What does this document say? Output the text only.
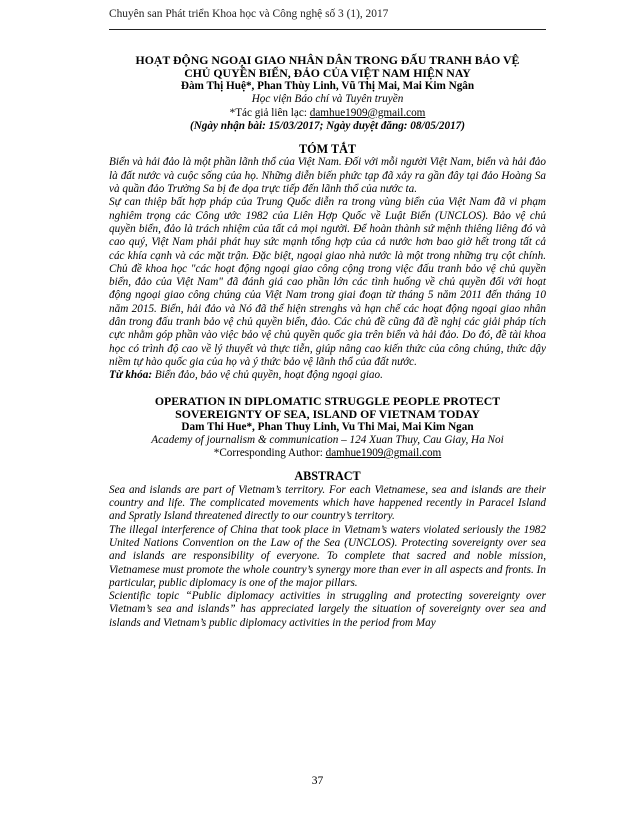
Chuyên san Phát triển Khoa học và Công nghệ số 3 (1), 2017
HOẠT ĐỘNG NGOẠI GIAO NHÂN DÂN TRONG ĐẤU TRANH BẢO VỆ
CHỦ QUYỀN BIỂN, ĐẢO CỦA VIỆT NAM HIỆN NAY
Đàm Thị Huệ*, Phan Thùy Linh, Vũ Thị Mai, Mai Kim Ngân
Học viện Báo chí và Tuyên truyền
*Tác giả liên lạc: damhue1909@gmail.com
(Ngày nhận bài: 15/03/2017; Ngày duyệt đăng: 08/05/2017)
TÓM TẮT
Biển và hải đảo là một phần lãnh thổ của Việt Nam. Đối với mỗi người Việt Nam, biển và hải đảo là đất nước và cuộc sống của họ. Những diễn biến phức tạp đã xảy ra gần đây tại đảo Hoàng Sa và quần đảo Trường Sa bị đe dọa trực tiếp đến lãnh thổ của nước ta.
Sự can thiệp bất hợp pháp của Trung Quốc diễn ra trong vùng biển của Việt Nam đã vi phạm nghiêm trọng các Công ước 1982 của Liên Hợp Quốc về Luật Biển (UNCLOS). Bảo vệ chủ quyền biển, đảo là trách nhiệm của tất cả mọi người. Để hoàn thành sứ mệnh thiêng liêng đó và cao quý, Việt Nam phải phát huy sức mạnh tổng hợp của cả nước hơn bao giờ hết trong tất cả các khía cạnh và các mặt trận. Đặc biệt, ngoại giao nhà nước là một trong những trụ cột chính. Chủ đề khoa học "các hoạt động ngoại giao công cộng trong việc đấu tranh bảo vệ chủ quyền biển, đảo của Việt Nam" đã đánh giá cao phần lớn các tình huống về chủ quyền đối với hoạt động ngoại giao công chúng của Việt Nam trong giai đoạn từ tháng 5 năm 2011 đến tháng 10 năm 2015. Biển, hải đảo và Nó đã thể hiện strenghs và hạn chế các hoạt động ngoại giao nhân dân trong đấu tranh bảo vệ chủ quyền biển, đảo. Các chủ đề cũng đã đề nghị các giải pháp tích cực nhằm góp phần vào việc bảo vệ chủ quyền quốc gia trên biển và hải đảo. Do đó, đề tài khoa học có trình độ cao về lý thuyết và thực tiễn, giúp nâng cao kiến thức của công chúng, thức dậy niềm tự hào quốc gia của họ và ý thức bảo vệ lãnh thổ của đất nước.
Từ khóa: Biển đảo, bảo vệ chủ quyền, hoạt động ngoại giao.
OPERATION IN DIPLOMATIC STRUGGLE PEOPLE PROTECT
SOVEREIGNTY OF SEA, ISLAND OF VIETNAM TODAY
Dam Thi Hue*, Phan Thuy Linh, Vu Thi Mai, Mai Kim Ngan
Academy of journalism & communication – 124 Xuan Thuy, Cau Giay, Ha Noi
*Corresponding Author: damhue1909@gmail.com
ABSTRACT
Sea and islands are part of Vietnam’s territory. For each Vietnamese, sea and islands are their country and life. The complicated movements which have happened recently in Paracel Island and Spratly Island threatened directly to our country’s territory.
The illegal interference of China that took place in Vietnam’s waters violated seriously the 1982 United Nations Convention on the Law of the Sea (UNCLOS). Protecting sovereignty over sea and islands are responsibility of everyone. To complete that sacred and noble mission, Vietnamese must promote the whole country’s synergy more than ever in all aspects and fronts. In particular, public diplomacy is one of the major pillars.
Scientific topic “Public diplomacy activities in struggling and protecting sovereignty over Vietnam’s sea and islands” has appreciated largely the situation of sovereignty over sea and islands and Vietnam’s public diplomacy activities in the period from May
37
